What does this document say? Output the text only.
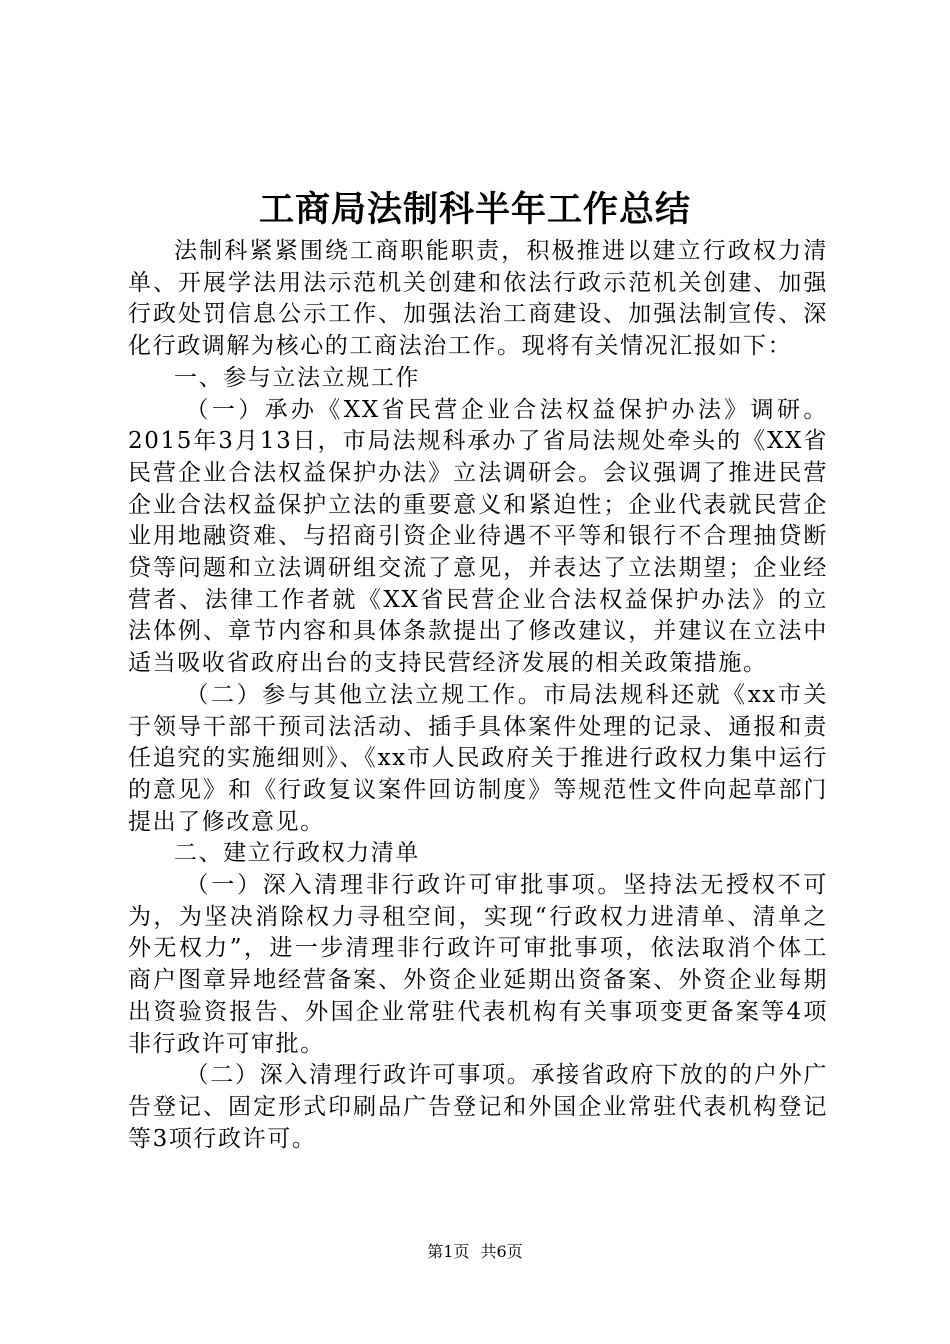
工商局法制科半年工作总结

法制科紧紧围绕工商职能职责，积极推进以建立行政权力清单、开展学法用法示范机关创建和依法行政示范机关创建、加强行政处罚信息公示工作、加强法治工商建设、加强法制宣传、深化行政调解为核心的工商法治工作。现将有关情况汇报如下：

一、参与立法立规工作

（一）承办《XX省民营企业合法权益保护办法》调研。2015年3月13日，市局法规科承办了省局法规处牵头的《XX省民营企业合法权益保护办法》立法调研会。会议强调了推进民营企业合法权益保护立法的重要意义和紧迫性；企业代表就民营企业用地融资难、与招商引资企业待遇不平等和银行不合理抽贷断贷等问题和立法调研组交流了意见，并表达了立法期望；企业经营者、法律工作者就《XX省民营企业合法权益保护办法》的立法体例、章节内容和具体条款提出了修改建议，并建议在立法中适当吸收省政府出台的支持民营经济发展的相关政策措施。

（二）参与其他立法立规工作。市局法规科还就《xx市关于领导干部干预司法活动、插手具体案件处理的记录、通报和责任追究的实施细则》、《xx市人民政府关于推进行政权力集中运行的意见》和《行政复议案件回访制度》等规范性文件向起草部门提出了修改意见。

二、建立行政权力清单

（一）深入清理非行政许可审批事项。坚持法无授权不可为，为坚决消除权力寻租空间，实现“行政权力进清单、清单之外无权力”，进一步清理非行政许可审批事项，依法取消个体工商户图章异地经营备案、外资企业延期出资备案、外资企业每期出资验资报告、外国企业常驻代表机构有关事项变更备案等4项非行政许可审批。

（二）深入清理行政许可事项。承接省政府下放的的户外广告登记、固定形式印刷品广告登记和外国企业常驻代表机构登记等3项行政许可。

第1页 共6页
